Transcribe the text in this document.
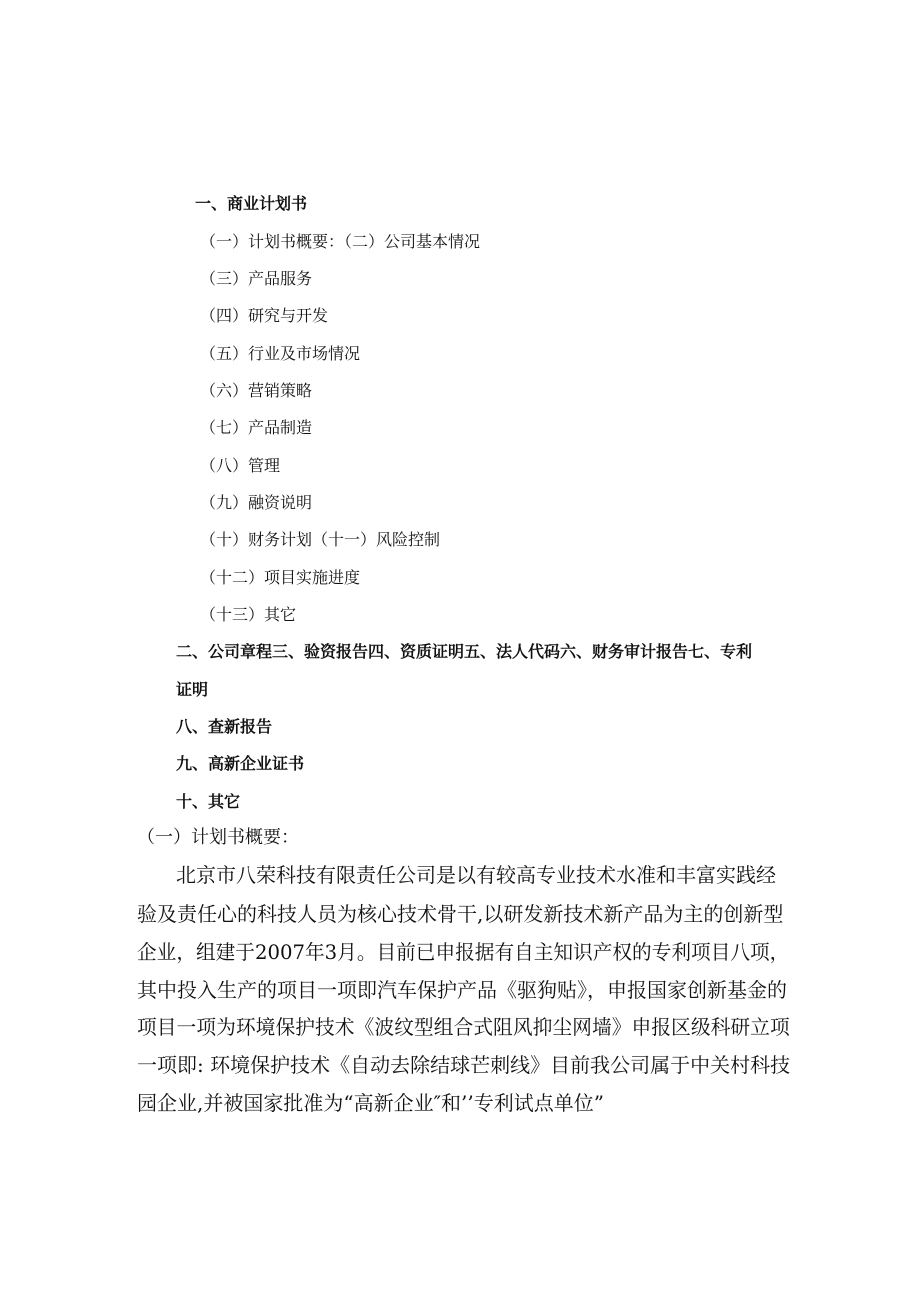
一、商业计划书
（一）计划书概要：（二）公司基本情况
（三）产品服务
（四）研究与开发
（五）行业及市场情况
（六）营销策略
（七）产品制造
（八）管理
（九）融资说明
（十）财务计划（十一）风险控制
（十二）项目实施进度
（十三）其它
二、公司章程三、验资报告四、资质证明五、法人代码六、财务审计报告七、专利
证明
八、查新报告
九、高新企业证书
十、其它
（一）计划书概要：
北京市八荣科技有限责任公司是以有较高专业技术水准和丰富实践经
验及责任心的科技人员为核心技术骨干,以研发新技术新产品为主的创新型
企业，组建于2007年3月。目前已申报据有自主知识产权的专利项目八项，
其中投入生产的项目一项即汽车保护产品《驱狗贴》，申报国家创新基金的
项目一项为环境保护技术《波纹型组合式阻风抑尘网墙》申报区级科研立项
一项即: 环境保护技术《自动去除结球芒刺线》目前我公司属于中关村科技
园企业,并被国家批准为“高新企业″和’’专利试点单位”
